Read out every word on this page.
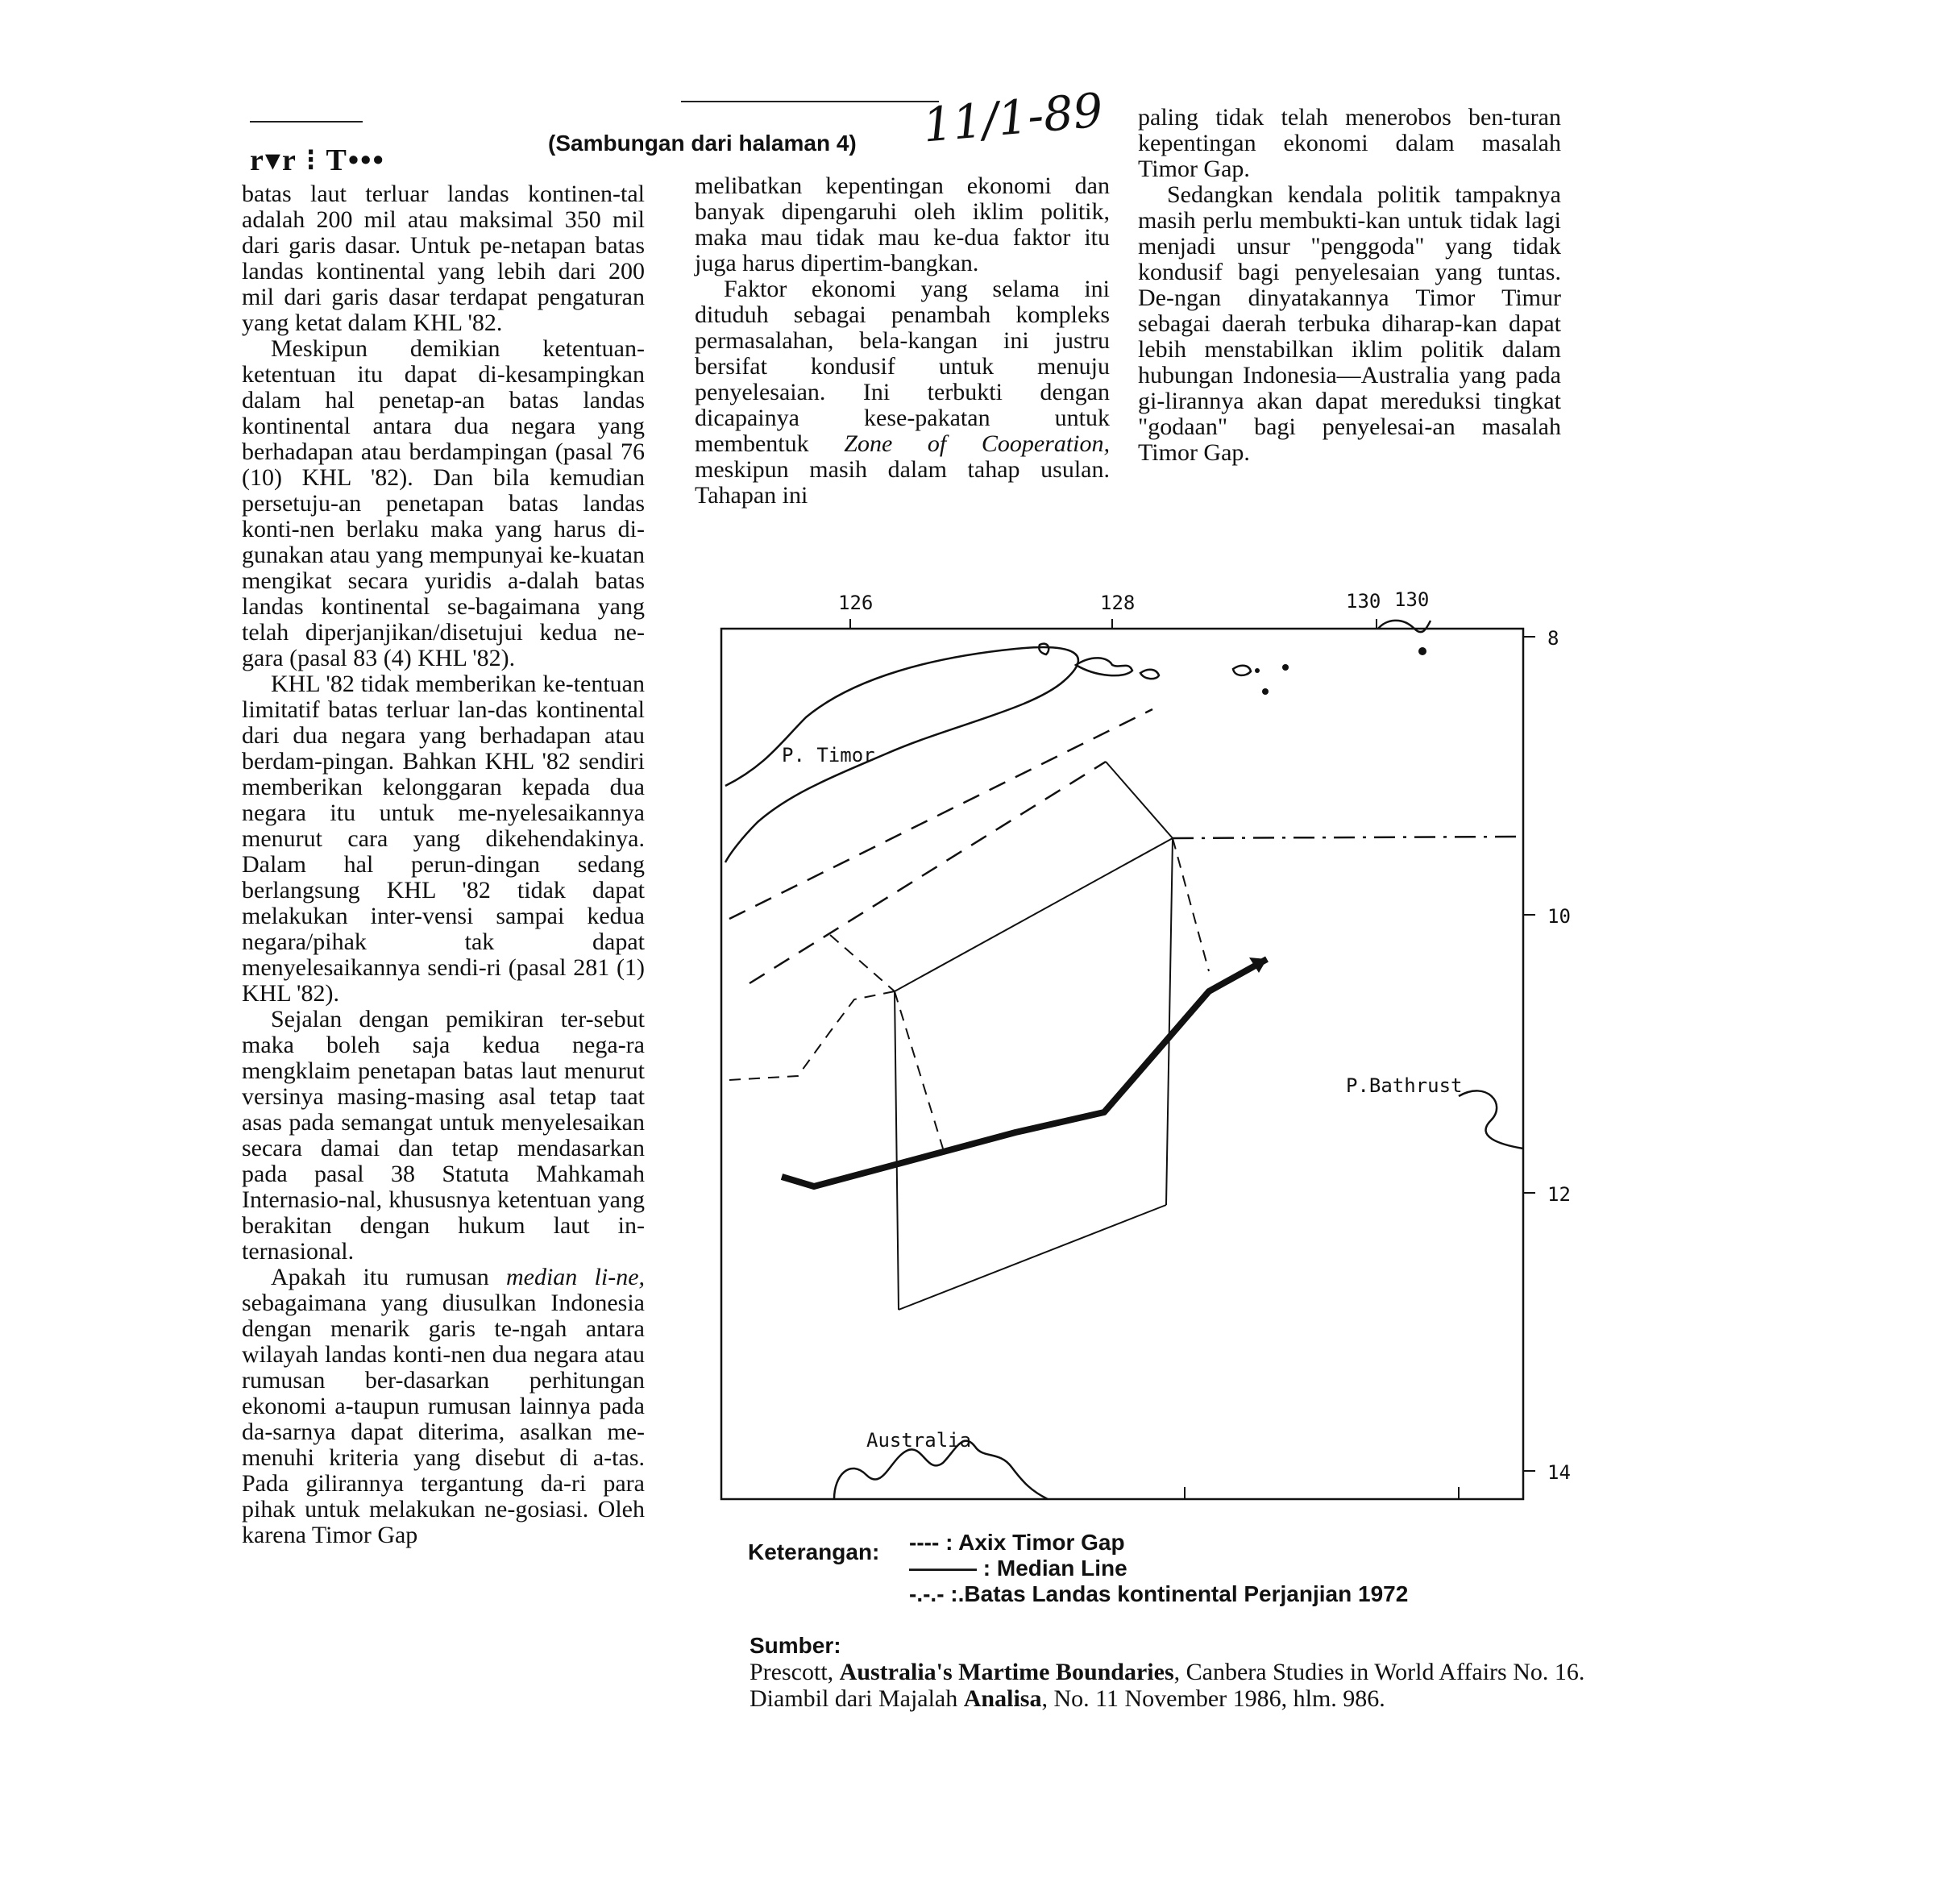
r▾r ⁝ T•••
(Sambungan dari halaman 4) 11/1-89

batas laut terluar landas kontinen-tal adalah 200 mil atau maksimal 350 mil dari garis dasar. Untuk pe-netapan batas landas kontinental yang lebih dari 200 mil dari garis dasar terdapat pengaturan yang ketat dalam KHL '82.

Meskipun demikian ketentuan-ketentuan itu dapat di-kesampingkan dalam hal penetap-an batas landas kontinental antara dua negara yang berhadapan atau berdampingan (pasal 76 (10) KHL '82). Dan bila kemudian persetuju-an penetapan batas landas konti-nen berlaku maka yang harus di-gunakan atau yang mempunyai ke-kuatan mengikat secara yuridis a-dalah batas landas kontinental se-bagaimana yang telah diperjanjikan/disetujui kedua ne-gara (pasal 83 (4) KHL '82).

KHL '82 tidak memberikan ke-tentuan limitatif batas terluar lan-das kontinental dari dua negara yang berhadapan atau berdam-pingan. Bahkan KHL '82 sendiri memberikan kelonggaran kepada dua negara itu untuk me-nyelesaikannya menurut cara yang dikehendakinya. Dalam hal perun-dingan sedang berlangsung KHL '82 tidak dapat melakukan inter-vensi sampai kedua negara/pihak tak dapat menyelesaikannya sendi-ri (pasal 281 (1) KHL '82).

Sejalan dengan pemikiran ter-sebut maka boleh saja kedua nega-ra mengklaim penetapan batas laut menurut versinya masing-masing asal tetap taat asas pada semangat untuk menyelesaikan secara damai dan tetap mendasarkan pada pasal 38 Statuta Mahkamah Internasio-nal, khususnya ketentuan yang berakitan dengan hukum laut in-ternasional.

Apakah itu rumusan median li-ne, sebagaimana yang diusulkan Indonesia dengan menarik garis te-ngah antara wilayah landas konti-nen dua negara atau rumusan ber-dasarkan perhitungan ekonomi a-taupun rumusan lainnya pada da-sarnya dapat diterima, asalkan me-menuhi kriteria yang disebut di a-tas. Pada gilirannya tergantung da-ri para pihak untuk melakukan ne-gosiasi. Oleh karena Timor Gap

melibatkan kepentingan ekonomi dan banyak dipengaruhi oleh iklim politik, maka mau tidak mau ke-dua faktor itu juga harus dipertim-bangkan.

Faktor ekonomi yang selama ini dituduh sebagai penambah kompleks permasalahan, bela-kangan ini justru bersifat kondusif untuk menuju penyelesaian. Ini terbukti dengan dicapainya kese-pakatan untuk membentuk Zone of Cooperation, meskipun masih dalam tahap usulan. Tahapan ini

paling tidak telah menerobos ben-turan kepentingan ekonomi dalam masalah Timor Gap.

Sedangkan kendala politik tampaknya masih perlu membukti-kan untuk tidak lagi menjadi unsur "penggoda" yang tidak kondusif bagi penyelesaian yang tuntas. De-ngan dinyatakannya Timor Timur sebagai daerah terbuka diharap-kan dapat lebih menstabilkan iklim politik dalam hubungan Indonesia—Australia yang pada gi-lirannya akan dapat mereduksi tingkat "godaan" bagi penyelesai-an masalah Timor Gap.

126	128	130 130
8
10
12
14
P. Timor
P.Bathrust
Australia
Keterangan: ---- : Axix Timor Gap
——— : Median Line
-.-.- :.Batas Landas kontinental Perjanjian 1972
Sumber:
Prescott, Australia's Martime Boundaries, Canbera Studies in World Affairs No. 16. Diambil dari Majalah Analisa, No. 11 November 1986, hlm. 986.
